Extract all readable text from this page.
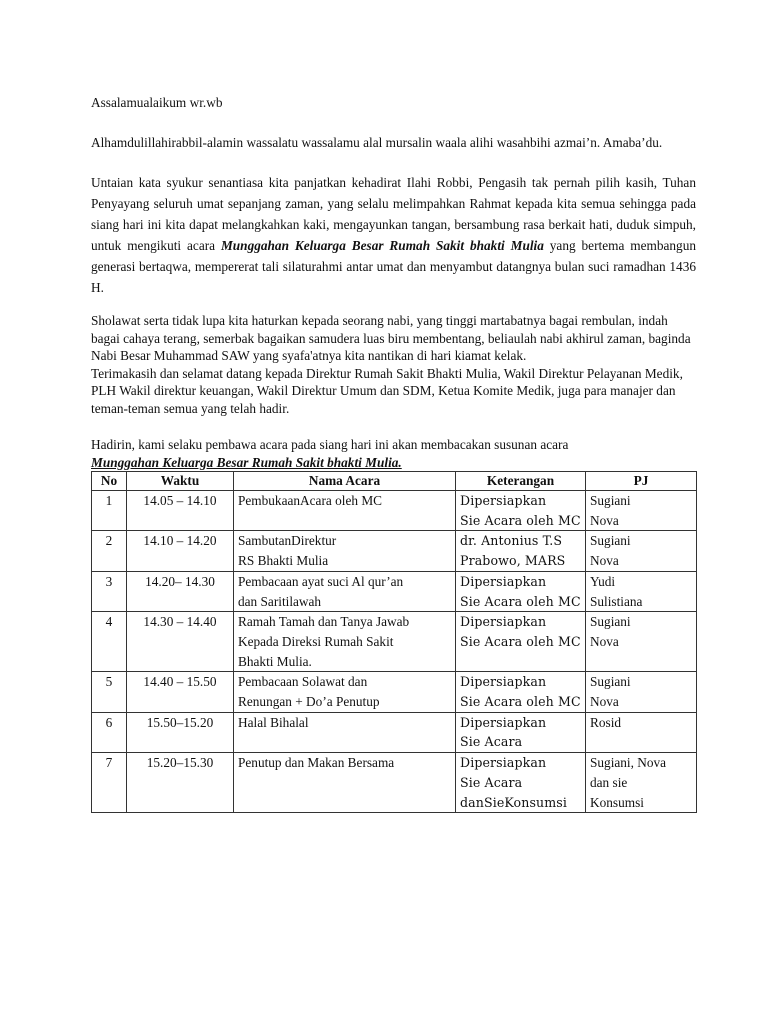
Assalamualaikum wr.wb

Alhamdulillahirabbil-alamin wassalatu wassalamu alal mursalin waala alihi wasahbihi azmai’n. Amaba’du.

Untaian kata syukur senantiasa kita panjatkan kehadirat Ilahi Robbi, Pengasih tak pernah pilih kasih, Tuhan Penyayang seluruh umat sepanjang zaman, yang selalu melimpahkan Rahmat kepada kita semua sehingga pada siang hari ini kita dapat melangkahkan kaki, mengayunkan tangan, bersambung rasa berkait hati, duduk simpuh, untuk mengikuti acara Munggahan Keluarga Besar Rumah Sakit bhakti Mulia yang bertema membangun generasi bertaqwa, mempererat tali silaturahmi antar umat dan menyambut datangnya bulan suci ramadhan 1436 H.

Sholawat serta tidak lupa kita haturkan kepada seorang nabi, yang tinggi martabatnya bagai rembulan, indah bagai cahaya terang, semerbak bagaikan samudera luas biru membentang, beliaulah nabi akhirul zaman, baginda Nabi Besar Muhammad SAW yang syafa'atnya kita nantikan di hari kiamat kelak.

Terimakasih dan selamat datang kepada Direktur Rumah Sakit Bhakti Mulia, Wakil Direktur Pelayanan Medik, PLH Wakil direktur keuangan, Wakil Direktur Umum dan SDM, Ketua Komite Medik, juga para manajer dan teman-teman semua yang telah hadir.

Hadirin, kami selaku pembawa acara pada siang hari ini akan membacakan susunan acara

Munggahan Keluarga Besar Rumah Sakit bhakti Mulia.

No	Waktu	Nama Acara	Keterangan	PJ
1	14.05 – 14.10	PembukaanAcara oleh MC	Dipersiapkan
Sie Acara oleh MC	Sugiani
Nova

2	14.10 – 14.20	SambutanDirektur
RS Bhakti Mulia	dr. Antonius T.S
Prabowo, MARS	Sugiani
Nova

3	14.20– 14.30	Pembacaan ayat suci Al qur’an
dan Saritilawah	Dipersiapkan
Sie Acara oleh MC	Yudi
Sulistiana

4	14.30 – 14.40	Ramah Tamah dan Tanya Jawab
Kepada Direksi Rumah Sakit
Bhakti Mulia.	Dipersiapkan
Sie Acara oleh MC	Sugiani
Nova

5	14.40 – 15.50	Pembacaan Solawat dan
Renungan + Do’a Penutup	Dipersiapkan
Sie Acara oleh MC	Sugiani
Nova

6	15.50–15.20	Halal Bihalal	Dipersiapkan
Sie Acara	Rosid

7	15.20–15.30	Penutup dan Makan Bersama	Dipersiapkan
Sie Acara
danSieKonsumsi	Sugiani, Nova
dan sie
Konsumsi
